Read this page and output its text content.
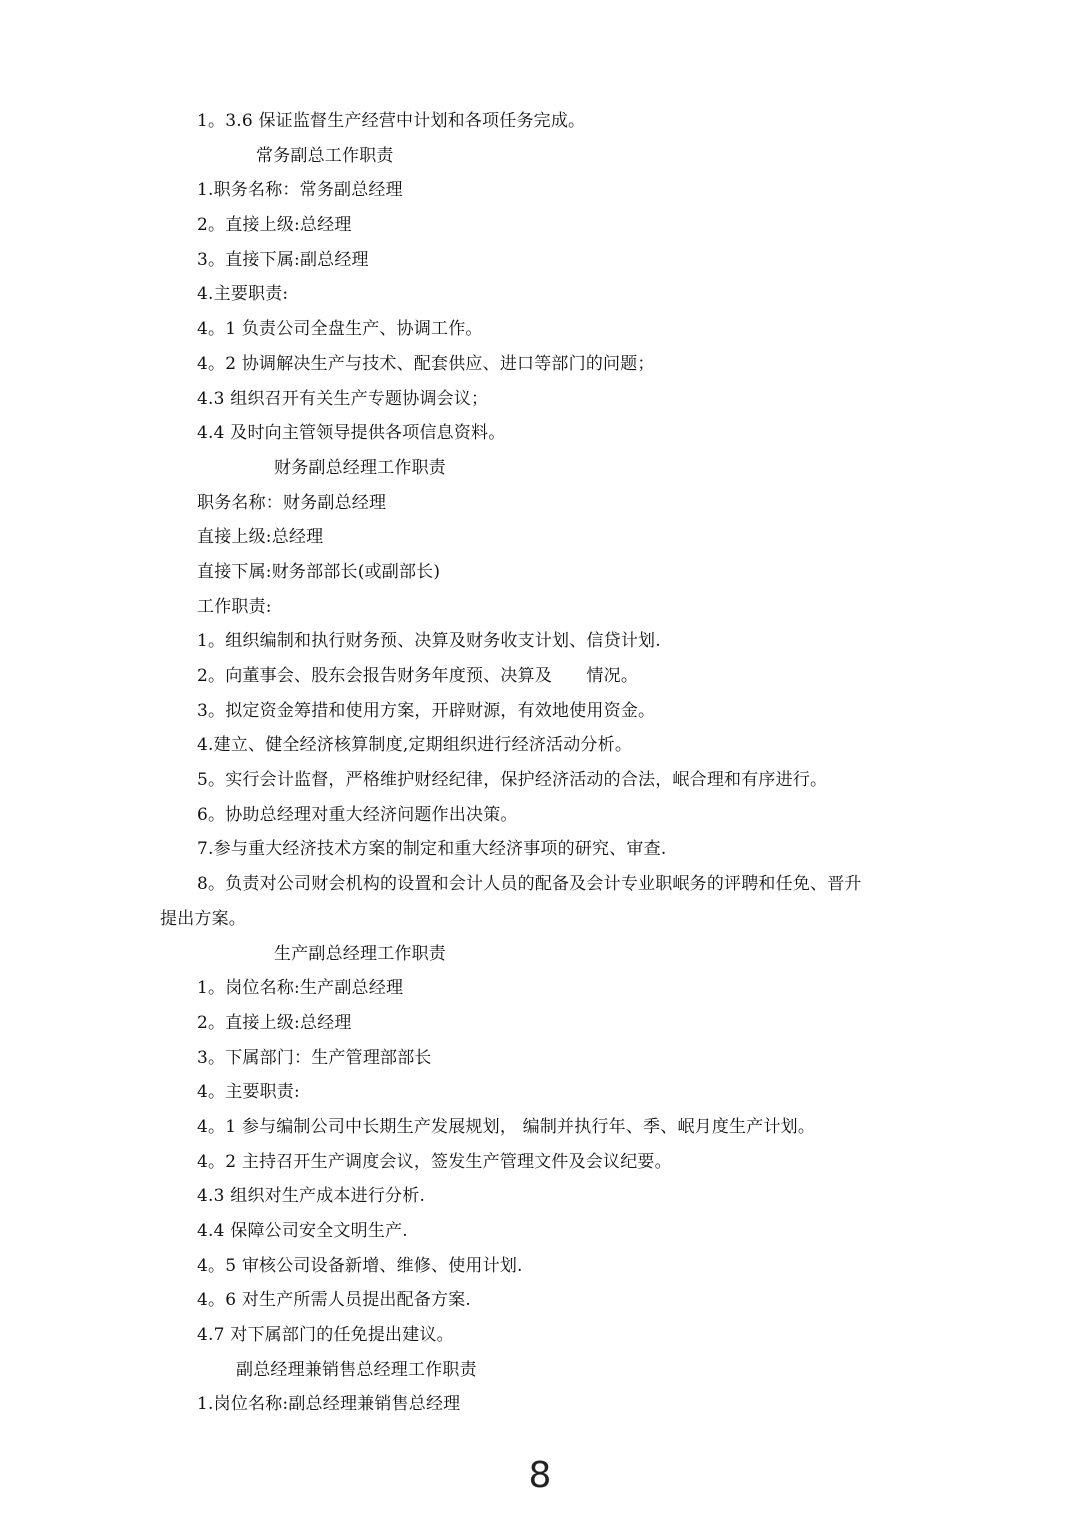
1。3.6 保证监督生产经营中计划和各项任务完成。
常务副总工作职责
1.职务名称：常务副总经理
2。直接上级:总经理
3。直接下属:副总经理
4.主要职责:
4。1 负责公司全盘生产、协调工作。
4。2 协调解决生产与技术、配套供应、进口等部门的问题；
4.3 组织召开有关生产专题协调会议；
4.4 及时向主管领导提供各项信息资料。
财务副总经理工作职责
职务名称：财务副总经理
直接上级:总经理
直接下属:财务部部长(或副部长)
工作职责:
1。组织编制和执行财务预、决算及财务收支计划、信贷计划.
2。向董事会、股东会报告财务年度预、决算及　　情况。
3。拟定资金筹措和使用方案，开辟财源，有效地使用资金。
4.建立、健全经济核算制度,定期组织进行经济活动分析。
5。实行会计监督，严格维护财经纪律，保护经济活动的合法，岷合理和有序进行。
6。协助总经理对重大经济问题作出决策。
7.参与重大经济技术方案的制定和重大经济事项的研究、审查.
8。负责对公司财会机构的设置和会计人员的配备及会计专业职岷务的评聘和任免、晋升
提出方案。
生产副总经理工作职责
1。岗位名称:生产副总经理
2。直接上级:总经理
3。下属部门：生产管理部部长
4。主要职责:
4。1 参与编制公司中长期生产发展规划， 编制并执行年、季、岷月度生产计划。
4。2 主持召开生产调度会议，签发生产管理文件及会议纪要。
4.3 组织对生产成本进行分析.
4.4 保障公司安全文明生产.
4。5 审核公司设备新增、维修、使用计划.
4。6 对生产所需人员提出配备方案.
4.7 对下属部门的任免提出建议。
副总经理兼销售总经理工作职责
1.岗位名称:副总经理兼销售总经理
8
